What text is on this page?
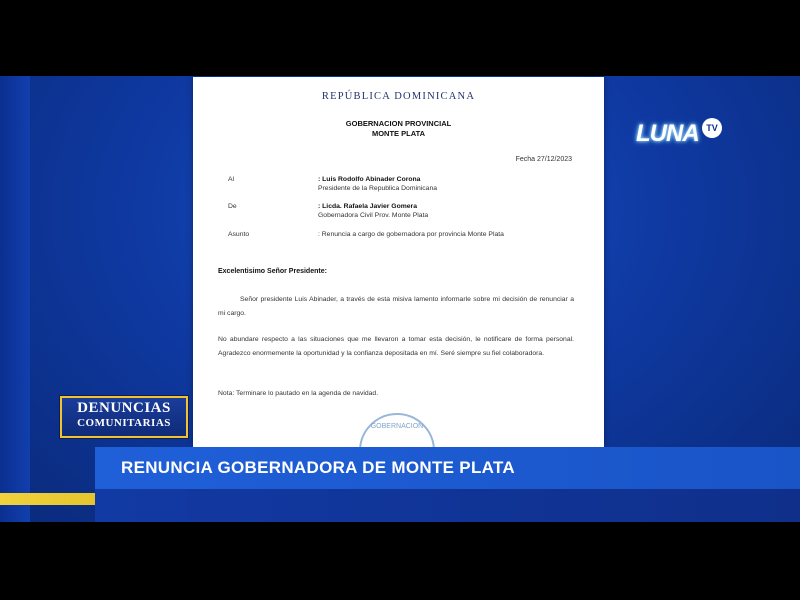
REPÚBLICA DOMINICANA
GOBERNACION PROVINCIAL
MONTE PLATA
Fecha 27/12/2023
Al	: Luis Rodolfo Abinader Corona
Presidente de la Republica Dominicana
De	: Licda. Rafaela Javier Gomera
Gobernadora Civil Prov. Monte Plata
Asunto	: Renuncia a cargo de gobernadora por provincia Monte Plata
Excelentisimo Señor Presidente:
Señor presidente Luis Abinader, a través de esta misiva lamento informarle sobre mi decisión de renunciar a mi cargo.
No abundare respecto a las situaciones que me llevaron a tomar esta decisión, le notificare de forma personal. Agradezco enormemente la oportunidad y la confianza depositada en mí. Seré siempre su fiel colaboradora.
Nota: Terminare lo pautado en la agenda de navidad.
GOBERNACION
LUNA TV
DENUNCIAS
COMUNITARIAS
RENUNCIA GOBERNADORA DE MONTE PLATA
